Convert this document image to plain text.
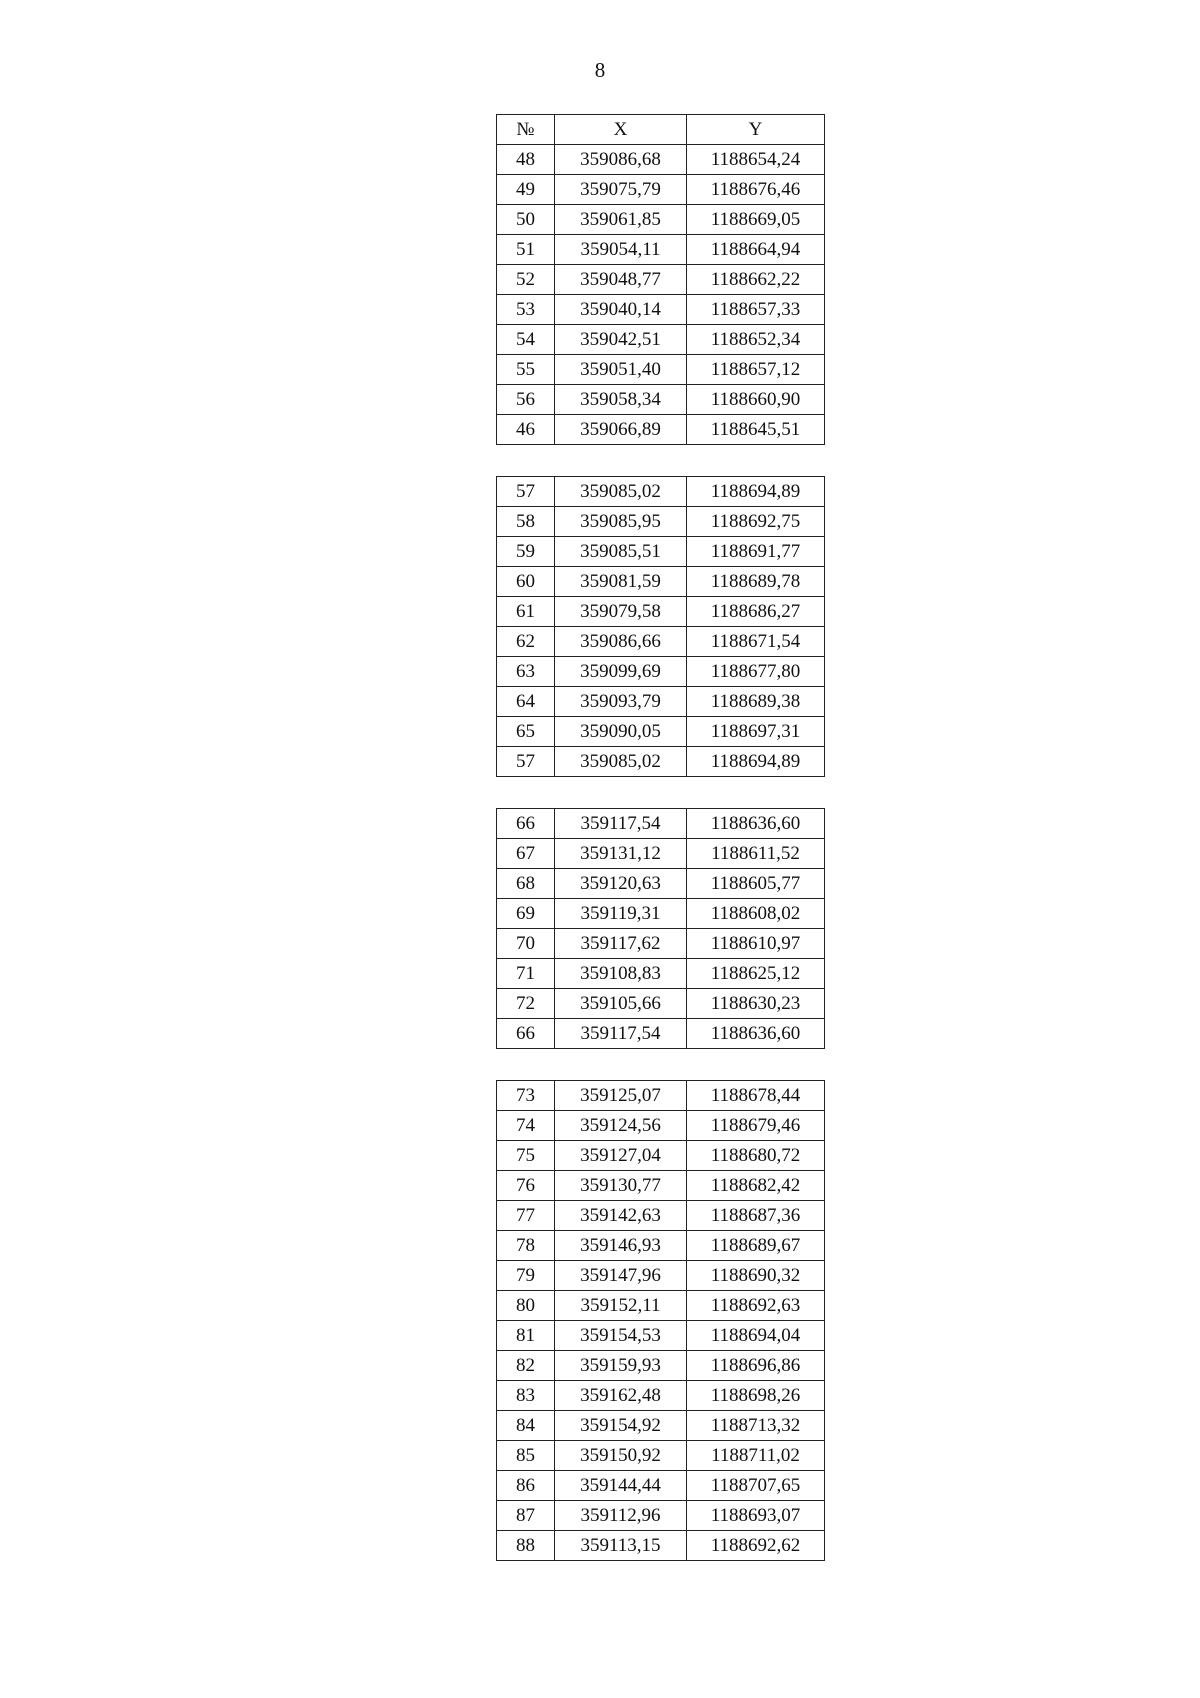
8
№	X	Y
48	359086,68	1188654,24
49	359075,79	1188676,46
50	359061,85	1188669,05
51	359054,11	1188664,94
52	359048,77	1188662,22
53	359040,14	1188657,33
54	359042,51	1188652,34
55	359051,40	1188657,12
56	359058,34	1188660,90
46	359066,89	1188645,51
57	359085,02	1188694,89
58	359085,95	1188692,75
59	359085,51	1188691,77
60	359081,59	1188689,78
61	359079,58	1188686,27
62	359086,66	1188671,54
63	359099,69	1188677,80
64	359093,79	1188689,38
65	359090,05	1188697,31
57	359085,02	1188694,89
66	359117,54	1188636,60
67	359131,12	1188611,52
68	359120,63	1188605,77
69	359119,31	1188608,02
70	359117,62	1188610,97
71	359108,83	1188625,12
72	359105,66	1188630,23
66	359117,54	1188636,60
73	359125,07	1188678,44
74	359124,56	1188679,46
75	359127,04	1188680,72
76	359130,77	1188682,42
77	359142,63	1188687,36
78	359146,93	1188689,67
79	359147,96	1188690,32
80	359152,11	1188692,63
81	359154,53	1188694,04
82	359159,93	1188696,86
83	359162,48	1188698,26
84	359154,92	1188713,32
85	359150,92	1188711,02
86	359144,44	1188707,65
87	359112,96	1188693,07
88	359113,15	1188692,62
